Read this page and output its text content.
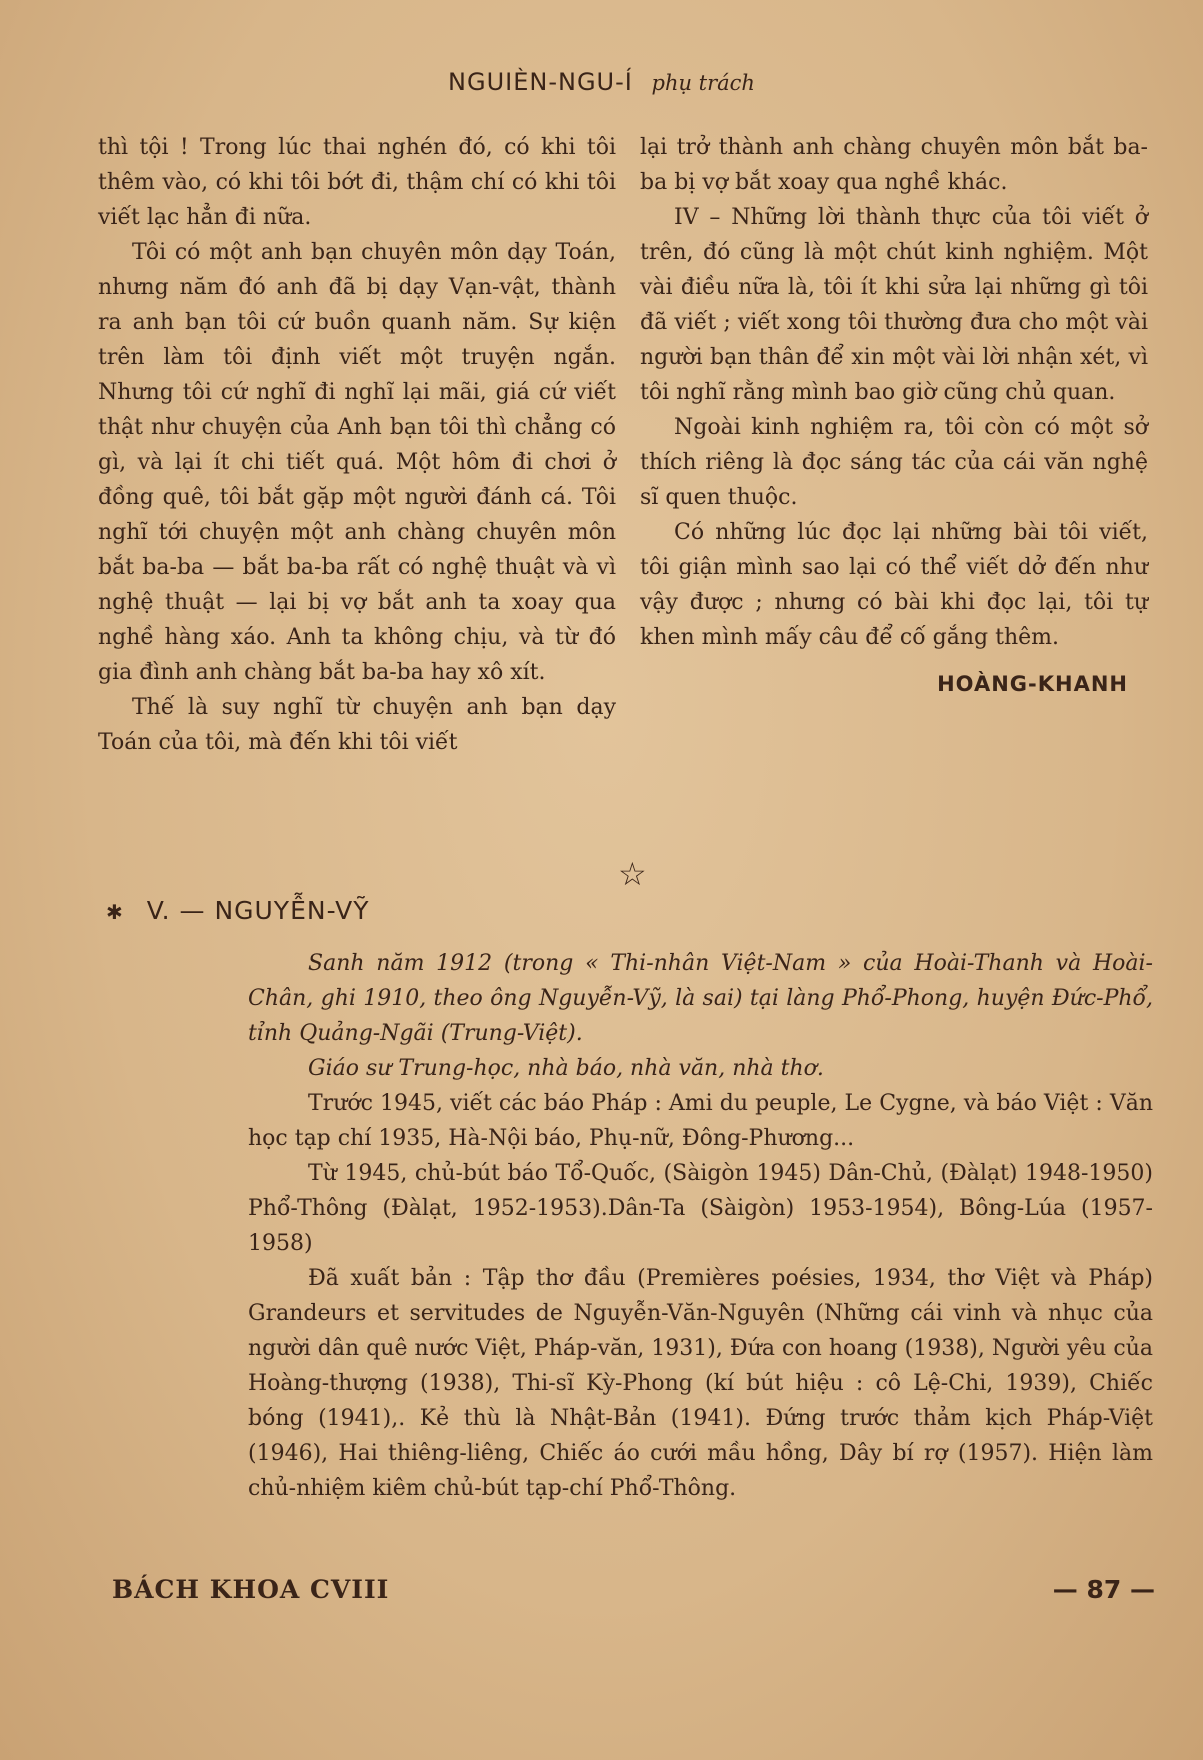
NGUIÈN-NGU-Í phụ trách

thì tội ! Trong lúc thai nghén đó, có khi tôi thêm vào, có khi tôi bớt đi, thậm chí có khi tôi viết lạc hẳn đi nữa.

Tôi có một anh bạn chuyên môn dạy Toán, nhưng năm đó anh đã bị dạy Vạn-vật, thành ra anh bạn tôi cứ buồn quanh năm. Sự kiện trên làm tôi định viết một truyện ngắn. Nhưng tôi cứ nghĩ đi nghĩ lại mãi, giá cứ viết thật như chuyện của Anh bạn tôi thì chẳng có gì, và lại ít chi tiết quá. Một hôm đi chơi ở đồng quê, tôi bắt gặp một người đánh cá. Tôi nghĩ tới chuyện một anh chàng chuyên môn bắt ba-ba — bắt ba-ba rất có nghệ thuật và vì nghệ thuật — lại bị vợ bắt anh ta xoay qua nghề hàng xáo. Anh ta không chịu, và từ đó gia đình anh chàng bắt ba-ba hay xô xít.

Thế là suy nghĩ từ chuyện anh bạn dạy Toán của tôi, mà đến khi tôi viết

lại trở thành anh chàng chuyên môn bắt ba-ba bị vợ bắt xoay qua nghề khác.

IV – Những lời thành thực của tôi viết ở trên, đó cũng là một chút kinh nghiệm. Một vài điều nữa là, tôi ít khi sửa lại những gì tôi đã viết ; viết xong tôi thường đưa cho một vài người bạn thân để xin một vài lời nhận xét, vì tôi nghĩ rằng mình bao giờ cũng chủ quan.

Ngoài kinh nghiệm ra, tôi còn có một sở thích riêng là đọc sáng tác của cái văn nghệ sĩ quen thuộc.

Có những lúc đọc lại những bài tôi viết, tôi giận mình sao lại có thể viết dở đến như vậy được ; nhưng có bài khi đọc lại, tôi tự khen mình mấy câu để cố gắng thêm.

HOÀNG-KHANH
☆
✱ V. — NGUYỄN-VỸ

Sanh năm 1912 (trong « Thi-nhân Việt-Nam » của Hoài-Thanh và Hoài-Chân, ghi 1910, theo ông Nguyễn-Vỹ, là sai) tại làng Phổ-Phong, huyện Đức-Phổ, tỉnh Quảng-Ngãi (Trung-Việt).

Giáo sư Trung-học, nhà báo, nhà văn, nhà thơ.

Trước 1945, viết các báo Pháp : Ami du peuple, Le Cygne, và báo Việt : Văn học tạp chí 1935, Hà-Nội báo, Phụ-nữ, Đông-Phương...

Từ 1945, chủ-bút báo Tổ-Quốc, (Sàigòn 1945) Dân-Chủ, (Đàlạt) 1948-1950) Phổ-Thông (Đàlạt, 1952-1953).Dân-Ta (Sàigòn) 1953-1954), Bông-Lúa (1957-1958)

Đã xuất bản : Tập thơ đầu (Premières poésies, 1934, thơ Việt và Pháp) Grandeurs et servitudes de Nguyễn-Văn-Nguyên (Những cái vinh và nhục của người dân quê nước Việt, Pháp-văn, 1931), Đứa con hoang (1938), Người yêu của Hoàng-thượng (1938), Thi-sĩ Kỳ-Phong (kí bút hiệu : cô Lệ-Chi, 1939), Chiếc bóng (1941),. Kẻ thù là Nhật-Bản (1941). Đứng trước thảm kịch Pháp-Việt (1946), Hai thiêng-liêng, Chiếc áo cưới mầu hồng, Dây bí rợ (1957). Hiện làm chủ-nhiệm kiêm chủ-bút tạp-chí Phổ-Thông.

BÁCH KHOA CVIII	— 87 —
